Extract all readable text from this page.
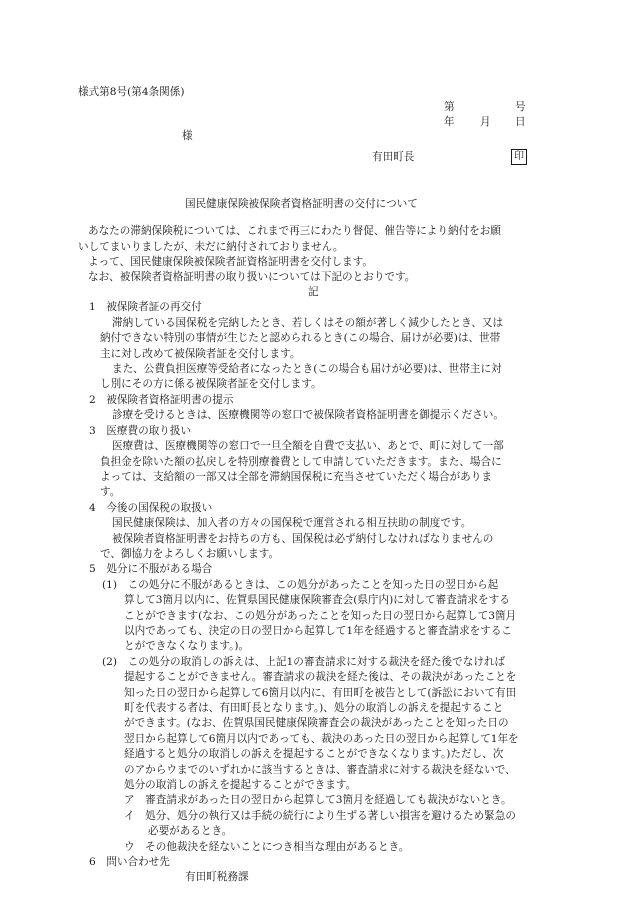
様式第8号(第4条関係)
第	号
年 月 日
様
有田町長	印
国民健康保険被保険者資格証明書の交付について
あなたの滞納保険税については、これまで再三にわたり督促、催告等により納付をお願
いしてまいりましたが、未だに納付されておりません。
よって、国民健康保険被保険者証資格証明書を交付します。
なお、被保険者資格証明書の取り扱いについては下記のとおりです。
記
1　被保険者証の再交付
滞納している国保税を完納したとき、若しくはその額が著しく減少したとき、又は
納付できない特別の事情が生じたと認められるとき(この場合、届けが必要)は、世帯
主に対し改めて被保険者証を交付します。
また、公費負担医療等受給者になったとき(この場合も届けが必要)は、世帯主に対
し別にその方に係る被保険者証を交付します。
2　被保険者資格証明書の提示
診療を受けるときは、医療機関等の窓口で被保険者資格証明書を御提示ください。
3　医療費の取り扱い
医療費は、医療機関等の窓口で一旦全額を自費で支払い、あとで、町に対して一部
負担金を除いた額の払戻しを特別療養費として申請していただきます。また、場合に
よっては、支給額の一部又は全部を滞納国保税に充当させていただく場合がありま
す。
4　今後の国保税の取扱い
国民健康保険は、加入者の方々の国保税で運営される相互扶助の制度です。
被保険者資格証明書をお持ちの方も、国保税は必ず納付しなければなりませんの
で、御協力をよろしくお願いします。
5　処分に不服がある場合
(1)　この処分に不服があるときは、この処分があったことを知った日の翌日から起
算して3箇月以内に、佐賀県国民健康保険審査会(県庁内)に対して審査請求をする
ことができます(なお、この処分があったことを知った日の翌日から起算して3箇月
以内であっても、決定の日の翌日から起算して1年を経過すると審査請求をするこ
とができなくなります。)。
(2)　この処分の取消しの訴えは、上記1の審査請求に対する裁決を経た後でなければ
提起することができません。審査請求の裁決を経た後は、その裁決があったことを
知った日の翌日から起算して6箇月以内に、有田町を被告として(訴訟において有田
町を代表する者は、有田町長となります。)、処分の取消しの訴えを提起すること
ができます。(なお、佐賀県国民健康保険審査会の裁決があったことを知った日の
翌日から起算して6箇月以内であっても、裁決のあった日の翌日から起算して1年を
経過すると処分の取消しの訴えを提起することができなくなります。)ただし、次
のアからウまでのいずれかに該当するときは、審査請求に対する裁決を経ないで、
処分の取消しの訴えを提起することができます。
ア　審査請求があった日の翌日から起算して3箇月を経過しても裁決がないとき。
イ　処分、処分の執行又は手続の続行により生ずる著しい損害を避けるため緊急の
必要があるとき。
ウ　その他裁決を経ないことにつき相当な理由があるとき。
6　問い合わせ先
有田町税務課
